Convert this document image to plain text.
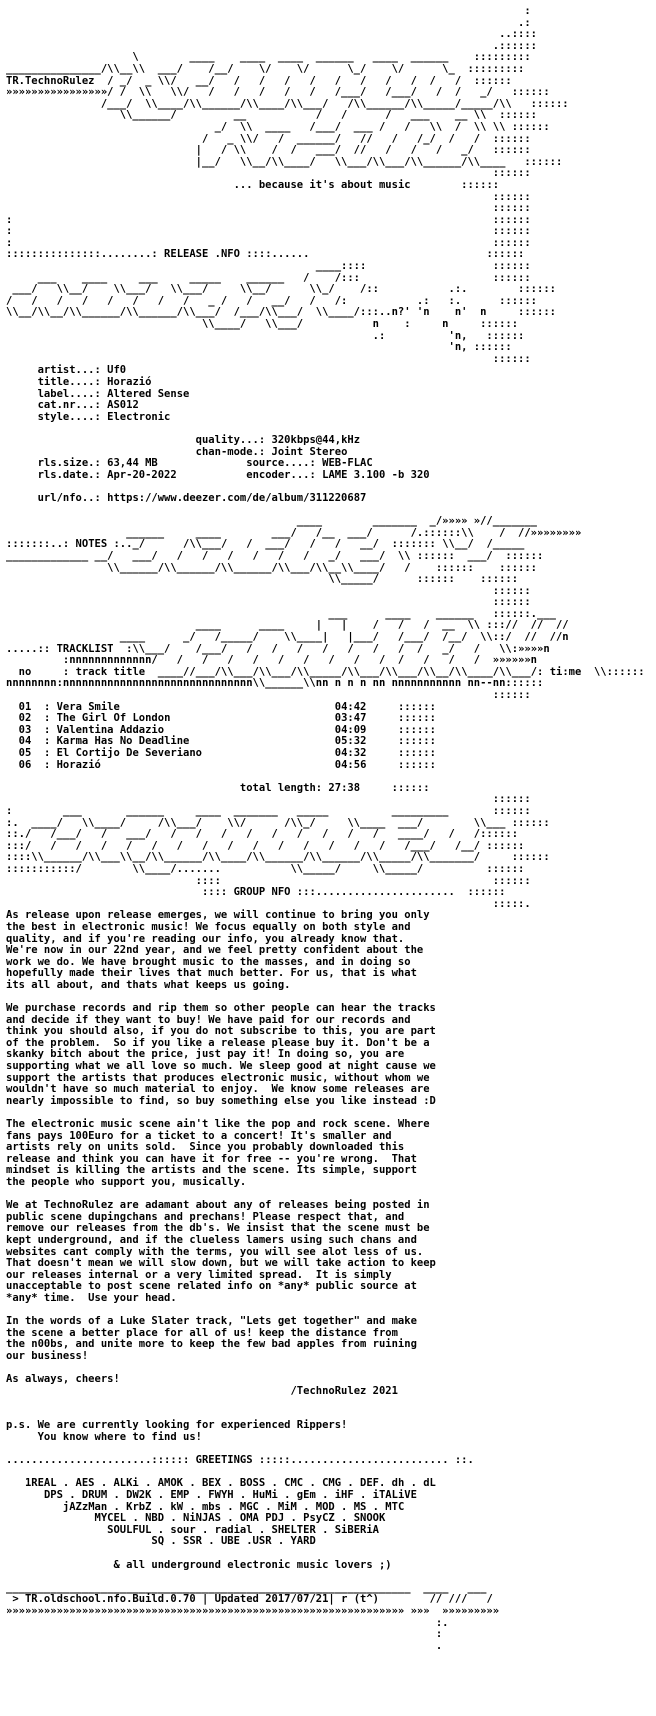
:
.:
..::::
.::::::
\        ____    ____  ____  ______   ____  ______    :::::::::
_______________/\\__\\  ___/    /__/    \/    \/      \_/    \/      \_  :::::::::
TR.TechnoRulez  / _/  _ \\/   __/   /   /   /   /   /   /   /   /  /   /  ::::::
»»»»»»»»»»»»»»»»/ /  \\   \\/   /   /   /   /   /   /___/   /___/   /  /   _/   ::::::
/___/  \\____/\\______/\\____/\\___/   /\\______/\\_____/_____/\\   ::::::
\\______/         __           /   /      /   ___    __ \\  ::::::
_/  \\  ____   /___/  ___ /   /   \\  /  \\ \\ ::::::
/   _ \\/   /  ______/   //   /   /_/  /   /  ::::::
|   / \\    /  /   ___/  //   /   /   /   _/   ::::::
|__/   \\__/\\____/   \\___/\\___/\\______/\\____   ::::::
::::::
... because it's about music        ::::::
::::::
::::::
:                                                                            ::::::
:                                                                            ::::::
:                                                                            ::::::
:::::::::::::::........: RELEASE .NFO ::::......                            ::::::
____::::                    ::::::
___    ____     ___     _____    ______   /    /:::                     ::::::
___/   \\__/    \\___/   \\___/     \\__/      \\_/    /::           .:.        ::::::
/   /   /   /   /   /   /   /   _ /   /   __/   /   /:           .:   :.      ::::::
\\__/\\__/\\______/\\______/\\___/  /___/\\___/  \\____/:::..n?' 'n    n'  n     ::::::
\\____/   \\___/           n    :     n     ::::::
.:          'n,   ::::::
'n, ::::::
::::::
artist...: Uf0
title....: Horazió
label....: Altered Sense
cat.nr...: AS012
style....: Electronic
quality...: 320kbps@44,kHz
chan-mode.: Joint Stereo
rls.size.: 63,44 MB	source....: WEB-FLAC
rls.date.: Apr-20-2022	encoder...: LAME 3.100 -b 320
url/nfo..: https://www.deezer.com/de/album/311220687
____        _______  _/»»»» »//_______
______     ____        ___/   /__  ___/      /.::::::\\    /  //»»»»»»»»
:::::::..: NOTES :.._/      /\\___/   /  ___/   /   /   __/  ::::::: \\__/  /_____
_____________ __/   ___/   /   /   /   /   /   /   _/   ___/  \\ ::::::  ___/  ::::::
\\______/\\______/\\______/\\___/\\__\\____/   /    ::::::    ::::::
\\_____/      ::::::    ::::::
::::::
::::::
___      ____    ______   ::::::.___
____      ____     |   |    /   /   /  __  \\ ::://  //  //
____      _/   /_____/    \\____|   |___/   /___/  /__/  \\::/  //  //n
.....:: TRACKLIST  :\\___/    /___/   /   /   /   /   /   /   /  /   _/   /   \\:»»»»n
:nnnnnnnnnnnnn/   /   /   /   /   /   /   /   /   /  /   /   /   /  »»»»»»n
no     : track title  ____//___/\\___/\\___/\\_____/\\___/\\___/\\__/\\____/\\___/: ti:me  \\::::::
nnnnnnnn:nnnnnnnnnnnnnnnnnnnnnnnnnnnnnn\\______\\nn n n n nn nnnnnnnnnnn nn--nn::::::
::::::
01  : Vera Smile	04:42     ::::::
02  : The Girl Of London	03:47     ::::::
03  : Valentina Addazio	04:09     ::::::
04  : Karma Has No Deadline	05:32     ::::::
05  : El Cortijo De Severiano	04:32     ::::::
06  : Horazió	04:56     ::::::
total length: 27:38     ::::::
::::::
:        ___       ______     ____  _______   _____          _________       ::::::
:.  ____/   \\____/     /\\___/    \\/      /\\_/     \\____  ___/        \\___ ::::::
::./   /___/   /   ___/   /   /   /   /   /   /   /   /   /   ____/   /   /::::::
:::/   /   /   /   /   /   /   /   /   /   /   /   /   /   /   /___/   /__/ ::::::
::::\\______/\\___\\__/\\______/\\____/\\______/\\______/\\_____/\\_______/     ::::::
:::::::::::/        \\____/.......           \\_____/     \\_____/          ::::::
::::                                           ::::::
:::: GROUP NFO :::......................  ::::::
:::::.
As release upon release emerges, we will continue to bring you only
the best in electronic music! We focus equally on both style and
quality, and if you're reading our info, you already know that.
We're now in our 22nd year, and we feel pretty confident about the
work we do. We have brought music to the masses, and in doing so
hopefully made their lives that much better. For us, that is what
its all about, and thats what keeps us going.
We purchase records and rip them so other people can hear the tracks
and decide if they want to buy! We have paid for our records and
think you should also, if you do not subscribe to this, you are part
of the problem.  So if you like a release please buy it. Don't be a
skanky bitch about the price, just pay it! In doing so, you are
supporting what we all love so much. We sleep good at night cause we
support the artists that produces electronic music, without whom we
wouldn't have so much material to enjoy.  We know some releases are
nearly impossible to find, so buy something else you like instead :D
The electronic music scene ain't like the pop and rock scene. Where
fans pays 100Euro for a ticket to a concert! It's smaller and
artists rely on units sold.  Since you probably downloaded this
release and think you can have it for free -- you're wrong.  That
mindset is killing the artists and the scene. Its simple, support
the people who support you, musically.
We at TechnoRulez are adamant about any of releases being posted in
public scene dupingchans and prechans! Please respect that, and
remove our releases from the db's. We insist that the scene must be
kept underground, and if the clueless lamers using such chans and
websites cant comply with the terms, you will see alot less of us.
That doesn't mean we will slow down, but we will take action to keep
our releases internal or a very limited spread.  It is simply
unacceptable to post scene related info on *any* public source at
*any* time.  Use your head.
In the words of a Luke Slater track, "Lets get together" and make
the scene a better place for all of us! keep the distance from
the n00bs, and unite more to keep the few bad apples from ruining
our business!
As always, cheers!
/TechnoRulez 2021
p.s. We are currently looking for experienced Rippers!
You know where to find us!
.......................:::::: GREETINGS :::::......................... ::.
1REAL . AES . ALKi . AMOK . BEX . BOSS . CMC . CMG . DEF. dh . dL
DPS . DRUM . DW2K . EMP . FWYH . HuMi . gEm . iHF . iTALiVE
jAZzMan . KrbZ . kW . mbs . MGC . MiM . MOD . MS . MTC
MYCEL . NBD . NiNJAS . OMA PDJ . PsyCZ . SNOOK
SOULFUL . sour . radial . SHELTER . SiBERiA
SQ . SSR . UBE .USR . YARD
& all underground electronic music lovers ;)
________________________________________________________________  ____   ___
> TR.oldschool.nfo.Build.0.70 | Updated 2017/07/21| r (t^)        // ///   /
»»»»»»»»»»»»»»»»»»»»»»»»»»»»»»»»»»»»»»»»»»»»»»»»»»»»»»»»»»»»»»» »»»  »»»»»»»»»
:.
:
.
